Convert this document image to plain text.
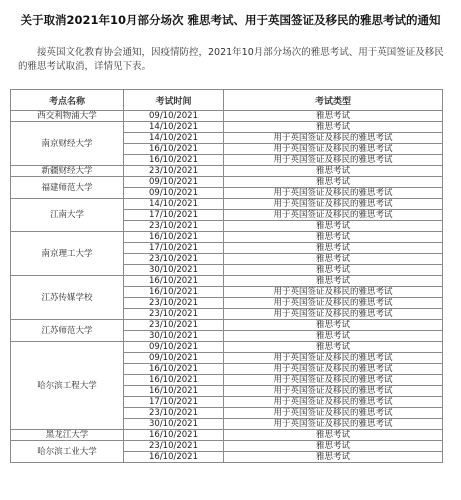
关于取消2021年10月部分场次 雅思考试、用于英国签证及移民的雅思考试的通知
接英国文化教育协会通知，因疫情防控，2021年10月部分场次的雅思考试、用于英国签证及移民的雅思考试取消，详情见下表。
考点名称	考试时间	考试类型
西交利物浦大学	09/10/2021	雅思考试
南京财经大学	14/10/2021	雅思考试
	14/10/2021	用于英国签证及移民的雅思考试
	16/10/2021	用于英国签证及移民的雅思考试
	16/10/2021	用于英国签证及移民的雅思考试
新疆财经大学	23/10/2021	雅思考试
福建师范大学	09/10/2021	雅思考试
	09/10/2021	用于英国签证及移民的雅思考试
江南大学	14/10/2021	用于英国签证及移民的雅思考试
	17/10/2021	用于英国签证及移民的雅思考试
	23/10/2021	雅思考试
南京理工大学	16/10/2021	雅思考试
	17/10/2021	雅思考试
	23/10/2021	雅思考试
	30/10/2021	雅思考试
江苏传媒学校	16/10/2021	雅思考试
	16/10/2021	用于英国签证及移民的雅思考试
	23/10/2021	用于英国签证及移民的雅思考试
	23/10/2021	用于英国签证及移民的雅思考试
江苏师范大学	23/10/2021	雅思考试
	30/10/2021	雅思考试
哈尔滨工程大学	09/10/2021	雅思考试
	09/10/2021	用于英国签证及移民的雅思考试
	16/10/2021	用于英国签证及移民的雅思考试
	16/10/2021	用于英国签证及移民的雅思考试
	16/10/2021	用于英国签证及移民的雅思考试
	17/10/2021	用于英国签证及移民的雅思考试
	23/10/2021	用于英国签证及移民的雅思考试
	30/10/2021	用于英国签证及移民的雅思考试
黑龙江大学	16/10/2021	雅思考试
哈尔滨工业大学	23/10/2021	雅思考试
	16/10/2021	雅思考试
